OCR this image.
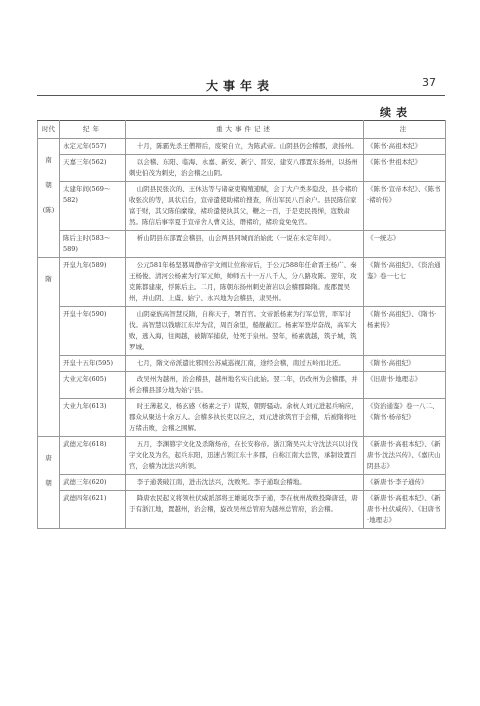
大事年表	37
续表
时代	纪年	重大事件记述	注

南
朝
(陈)	永定元年(557)	十月，陈霸先杀王僧辩后，废梁自立，为陈武帝。山阴县仍会稽郡，隶扬州。	《陈书·高祖本纪》
	天嘉三年(562)	以会稽、东阳、临海、永嘉、新安、新宁、晋安、建安八郡置东扬州，以扬州刺史伯茂为刺史，治会稽之山阴。	《陈书·世祖本纪》
	太建年间(569～582)	山阴县民张次的、王休达等与诸豪吏鞫殖逋赋，会丁大户类多隐没，县令褚玠收张次的等，具状启台，宣帝遣使助褚玠搜查，所出军民八百余户。县民陈信家富于财，其父陈伯縻缘，褚玠遣使执其父，鞭之一百，于是吏民畏惮，寇数肃然。陈信后事宰夏于宣帝舍人曹义达，谮褚玠，褚玠竟免免官。	《陈书·宣帝本纪》、《陈书·褚玠传》
	陈后主时(583～589)	析山阴县东部置会稽县，山会两县同城而治始此（一说在永定年间）。	《一统志》

隋	开皇九年(589)	公元581年杨坚篡周静帝宇文阐让位称帝后，于公元588年任命晋王杨广、秦王杨俊、清河公杨素为行军元帅，帅师五十一万八千人，分八路攻陈。翌年，攻克陈都建康，俘陈后主。二月，陈朝东扬州刺史萧岩以会稽郡降隋。废郡置吴州，并山阴、上虞、始宁、永兴地为会稽县，隶吴州。	《隋书·高祖纪》、《资治通鉴》卷一七七
	开皇十年(590)	山阴豪族高智慧反隋，自称天子，署百官。文帝派杨素为行军总管，率军讨伐。高智慧以钱塘江东岸为营，周百余里，船舰蔽江。杨素军登岸奋战，高军大败，逃入海，往闽越，被隋军捕获，处死于泉州。翌年，杨素就越，筑子城，筑罗城。	《隋书·高祖纪》、《隋书·杨素传》
	开皇十五年(595)	七月，隋文帝派遣比邪国公苏威巡视江南，途经会稽，南过五岭而北还。	《隋书·高祖纪》
	大业元年(605)	改吴州为越州，治会稽县，越州地名实自此始。翌二年，仍改州为会稽郡，并析会稽县部分地为始宁县。	《旧唐书·地理志》
	大业九年(613)	时王薄起义，杨玄感（杨素之子）谋叛，朝野骚动。余杭人刘元进起兵响应，郡众从聚达十余万人。会稽多执长吏以应之，刘元进欲筑官于会稽，后被隋将吐万绪击败，会稽之围解。	《资治通鉴》卷一八二、《隋书·杨帝纪》

唐
朝	武德元年(618)	五月，李渊篡宇文化及杀隋炀帝，在长安称帝。浙江隋吴兴太守沈法兴以讨伐宇文化及为名，起兵东阳，迅速占领江东十多郡，自称江南大总管，承制设置百官，会稽为沈法兴所领。	《新唐书·高祖本纪》、《新唐书·沈法兴传》、《嘉庆山阴县志》
	武德三年(620)	李子通袭破江南，进击沈法兴，沈败死。李子通取会稽地。	《新唐书·李子通传》
	武德四年(621)	降唐农民起义将领杜伏威派部将王雄诞攻李子通，李在杭州战败投降唐廷，唐于有浙江地，置越州，治会稽，旋改吴州总管府为越州总管府，治会稽。	《新唐书·高祖本纪》、《新唐书·杜伏威传》、《旧唐书·地理志》
